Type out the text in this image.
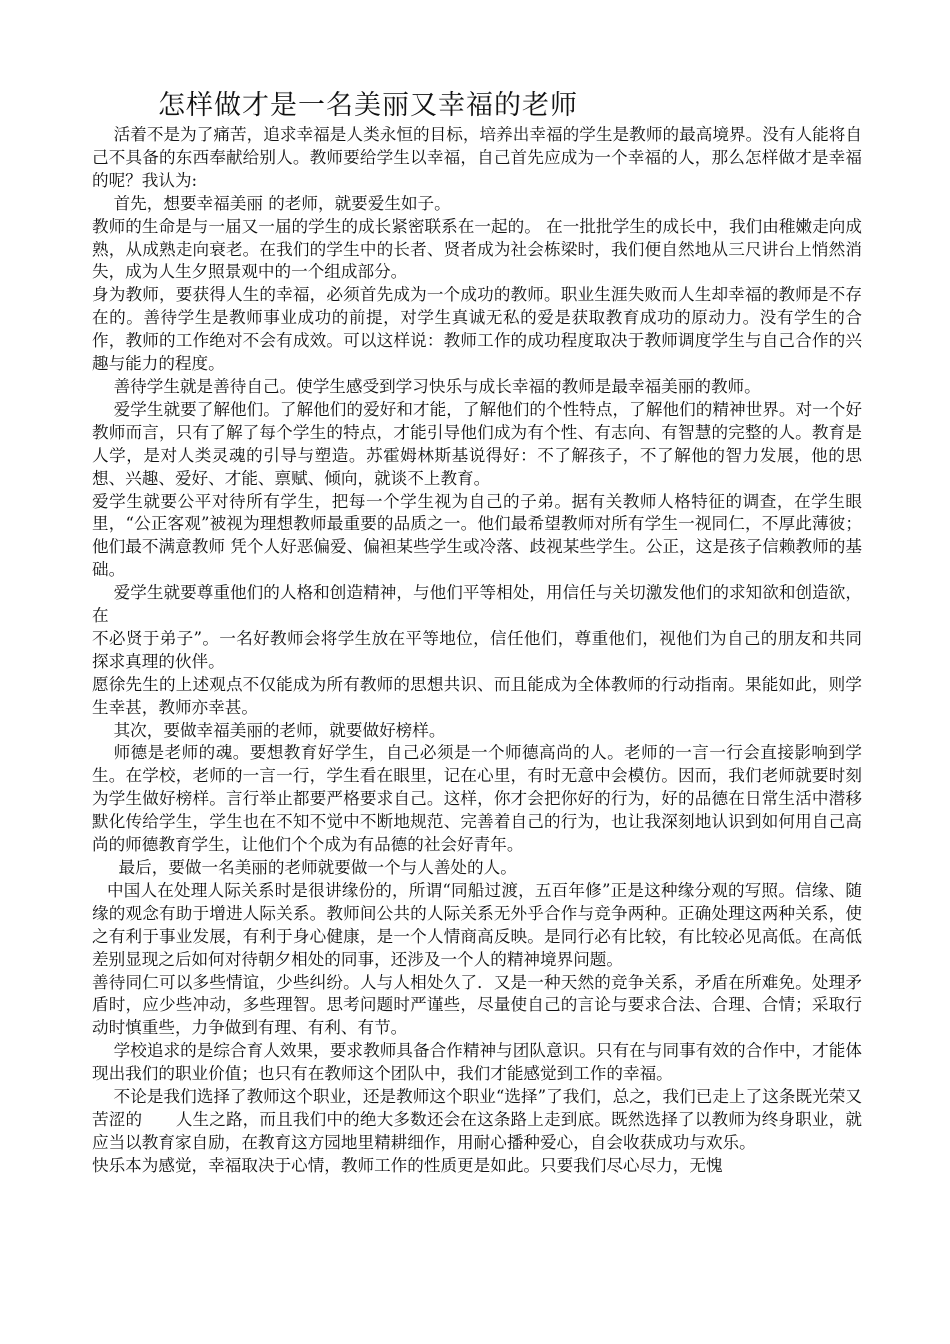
怎样做才是一名美丽又幸福的老师

活着不是为了痛苦，追求幸福是人类永恒的目标，培养出幸福的学生是教师的最高境界。没有人能将自己不具备的东西奉献给别人。教师要给学生以幸福，自己首先应成为一个幸福的人，那么怎样做才是幸福的呢？我认为:

首先，想要幸福美丽 的老师，就要爱生如子。

教师的生命是与一届又一届的学生的成长紧密联系在一起的。 在一批批学生的成长中，我们由稚嫩走向成熟，从成熟走向衰老。在我们的学生中的长者、贤者成为社会栋梁时，我们便自然地从三尺讲台上悄然消失，成为人生夕照景观中的一个组成部分。

身为教师，要获得人生的幸福，必须首先成为一个成功的教师。职业生涯失败而人生却幸福的教师是不存在的。善待学生是教师事业成功的前提，对学生真诚无私的爱是获取教育成功的原动力。没有学生的合作，教师的工作绝对不会有成效。可以这样说：教师工作的成功程度取决于教师调度学生与自己合作的兴趣与能力的程度。

善待学生就是善待自己。使学生感受到学习快乐与成长幸福的教师是最幸福美丽的教师。

爱学生就要了解他们。了解他们的爱好和才能，了解他们的个性特点，了解他们的精神世界。对一个好教师而言，只有了解了每个学生的特点，才能引导他们成为有个性、有志向、有智慧的完整的人。教育是人学，是对人类灵魂的引导与塑造。苏霍姆林斯基说得好：不了解孩子，不了解他的智力发展，他的思想、兴趣、爱好、才能、禀赋、倾向，就谈不上教育。

爱学生就要公平对待所有学生，把每一个学生视为自己的子弟。据有关教师人格特征的调查，在学生眼里，“公正客观”被视为理想教师最重要的品质之一。他们最希望教师对所有学生一视同仁，不厚此薄彼；他们最不满意教师 凭个人好恶偏爱、偏袒某些学生或冷落、歧视某些学生。公正，这是孩子信赖教师的基础。

爱学生就要尊重他们的人格和创造精神，与他们平等相处，用信任与关切激发他们的求知欲和创造欲，在

不必贤于弟子”。一名好教师会将学生放在平等地位，信任他们，尊重他们，视他们为自己的朋友和共同探求真理的伙伴。

愿徐先生的上述观点不仅能成为所有教师的思想共识、而且能成为全体教师的行动指南。果能如此，则学生幸甚，教师亦幸甚。

其次，要做幸福美丽的老师，就要做好榜样。

师德是老师的魂。要想教育好学生，自己必须是一个师德高尚的人。老师的一言一行会直接影响到学生。在学校，老师的一言一行，学生看在眼里，记在心里，有时无意中会模仿。因而，我们老师就要时刻为学生做好榜样。言行举止都要严格要求自己。这样，你才会把你好的行为，好的品德在日常生活中潜移默化传给学生，学生也在不知不觉中不断地规范、完善着自己的行为，也让我深刻地认识到如何用自己高尚的师德教育学生，让他们个个成为有品德的社会好青年。

最后，要做一名美丽的老师就要做一个与人善处的人。

中国人在处理人际关系时是很讲缘份的，所谓“同船过渡，五百年修”正是这种缘分观的写照。信缘、随缘的观念有助于增进人际关系。教师间公共的人际关系无外乎合作与竞争两种。正确处理这两种关系，使之有利于事业发展，有利于身心健康，是一个人情商高反映。是同行必有比较，有比较必见高低。在高低差别显现之后如何对待朝夕相处的同事，还涉及一个人的精神境界问题。

善待同仁可以多些情谊，少些纠纷。人与人相处久了．又是一种天然的竞争关系，矛盾在所难免。处理矛盾时，应少些冲动，多些理智。思考问题时严谨些，尽量使自己的言论与要求合法、合理、合情；采取行动时慎重些，力争做到有理、有利、有节。

学校追求的是综合育人效果，要求教师具备合作精神与团队意识。只有在与同事有效的合作中，才能体现出我们的职业价值；也只有在教师这个团队中，我们才能感觉到工作的幸福。

不论是我们选择了教师这个职业，还是教师这个职业“选择”了我们，总之，我们已走上了这条既光荣又苦涩的　　人生之路，而且我们中的绝大多数还会在这条路上走到底。既然选择了以教师为终身职业，就应当以教育家自励，在教育这方园地里精耕细作，用耐心播种爱心，自会收获成功与欢乐。

快乐本为感觉，幸福取决于心情，教师工作的性质更是如此。只要我们尽心尽力，无愧
